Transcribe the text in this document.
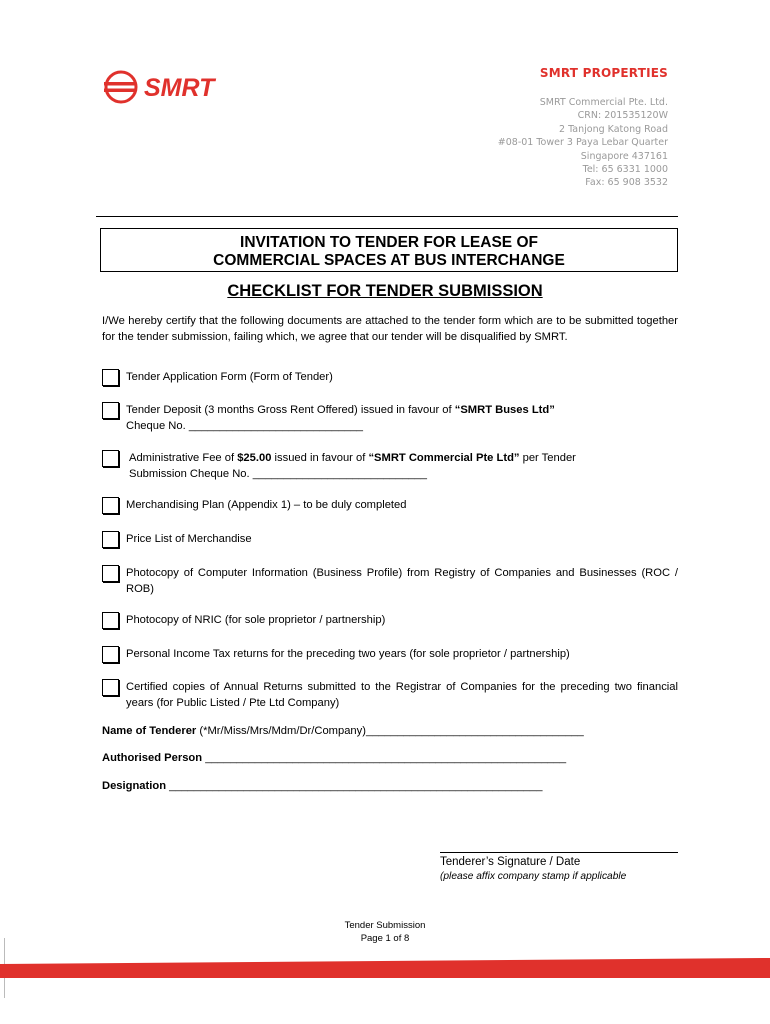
SMRT
SMRT PROPERTIES
SMRT Commercial Pte. Ltd.
CRN: 201535120W
2 Tanjong Katong Road
#08-01 Tower 3 Paya Lebar Quarter
Singapore 437161
Tel: 65 6331 1000
Fax: 65 908 3532
INVITATION TO TENDER FOR LEASE OF
COMMERCIAL SPACES AT BUS INTERCHANGE
CHECKLIST FOR TENDER SUBMISSION
I/We hereby certify that the following documents are attached to the tender form which are to be submitted together for the tender submission, failing which, we agree that our tender will be disqualified by SMRT.
Tender Application Form (Form of Tender)
Tender Deposit (3 months Gross Rent Offered) issued in favour of “SMRT Buses Ltd”
Cheque No. ____________________________
Administrative Fee of $25.00 issued in favour of “SMRT Commercial Pte Ltd” per Tender
Submission Cheque No. ____________________________
Merchandising Plan (Appendix 1) – to be duly completed
Price List of Merchandise
Photocopy of Computer Information (Business Profile) from Registry of Companies and Businesses (ROC / ROB)
Photocopy of NRIC (for sole proprietor / partnership)
Personal Income Tax returns for the preceding two years (for sole proprietor / partnership)
Certified copies of Annual Returns submitted to the Registrar of Companies for the preceding two financial years (for Public Listed / Pte Ltd Company)
Name of Tenderer (*Mr/Miss/Mrs/Mdm/Dr/Company)___________________________________
Authorised Person __________________________________________________________
Designation ____________________________________________________________
Tenderer’s Signature / Date
(please affix company stamp if applicable
Tender Submission
Page 1 of 8
